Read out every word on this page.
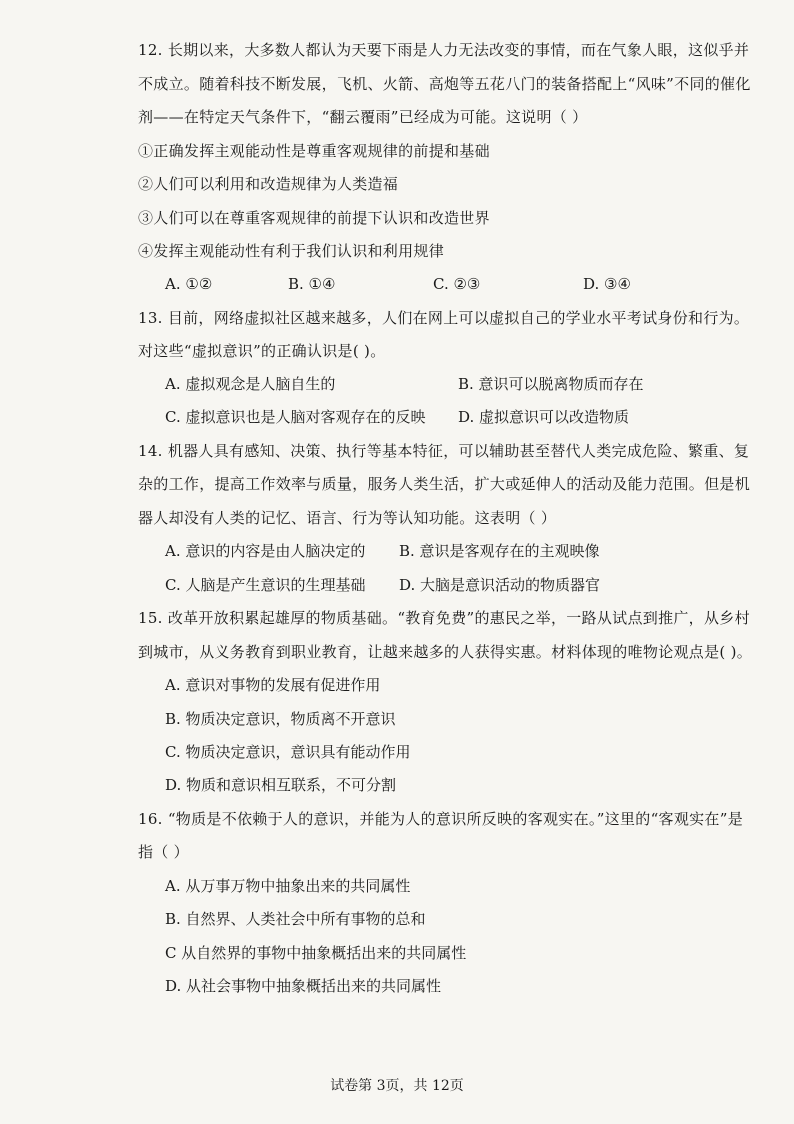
12. 长期以来，大多数人都认为天要下雨是人力无法改变的事情，而在气象人眼，这似乎并
不成立。随着科技不断发展，飞机、火箭、高炮等五花八门的装备搭配上“风味”不同的催化
剂——在特定天气条件下，“翻云覆雨”已经成为可能。这说明（ ）
①正确发挥主观能动性是尊重客观规律的前提和基础
②人们可以利用和改造规律为人类造福
③人们可以在尊重客观规律的前提下认识和改造世界
④发挥主观能动性有利于我们认识和利用规律
A. ①②	B. ①④	C. ②③	D. ③④
13. 目前，网络虚拟社区越来越多，人们在网上可以虚拟自己的学业水平考试身份和行为。
对这些“虚拟意识”的正确认识是( )。
A. 虚拟观念是人脑自生的	B. 意识可以脱离物质而存在
C. 虚拟意识也是人脑对客观存在的反映 D. 虚拟意识可以改造物质
14. 机器人具有感知、决策、执行等基本特征，可以辅助甚至替代人类完成危险、繁重、复
杂的工作，提高工作效率与质量，服务人类生活，扩大或延伸人的活动及能力范围。但是机
器人却没有人类的记忆、语言、行为等认知功能。这表明（ ）
A. 意识的内容是由人脑决定的 B. 意识是客观存在的主观映像
C. 人脑是产生意识的生理基础 D. 大脑是意识活动的物质器官
15. 改革开放积累起雄厚的物质基础。“教育免费”的惠民之举，一路从试点到推广，从乡村
到城市，从义务教育到职业教育，让越来越多的人获得实惠。材料体现的唯物论观点是( )。
A. 意识对事物的发展有促进作用
B. 物质决定意识，物质离不开意识
C. 物质决定意识，意识具有能动作用
D. 物质和意识相互联系，不可分割
16. “物质是不依赖于人的意识，并能为人的意识所反映的客观实在。”这里的“客观实在”是
指（ ）
A. 从万事万物中抽象出来的共同属性
B. 自然界、人类社会中所有事物的总和
C 从自然界的事物中抽象概括出来的共同属性
D. 从社会事物中抽象概括出来的共同属性
试卷第 3页，共 12页
